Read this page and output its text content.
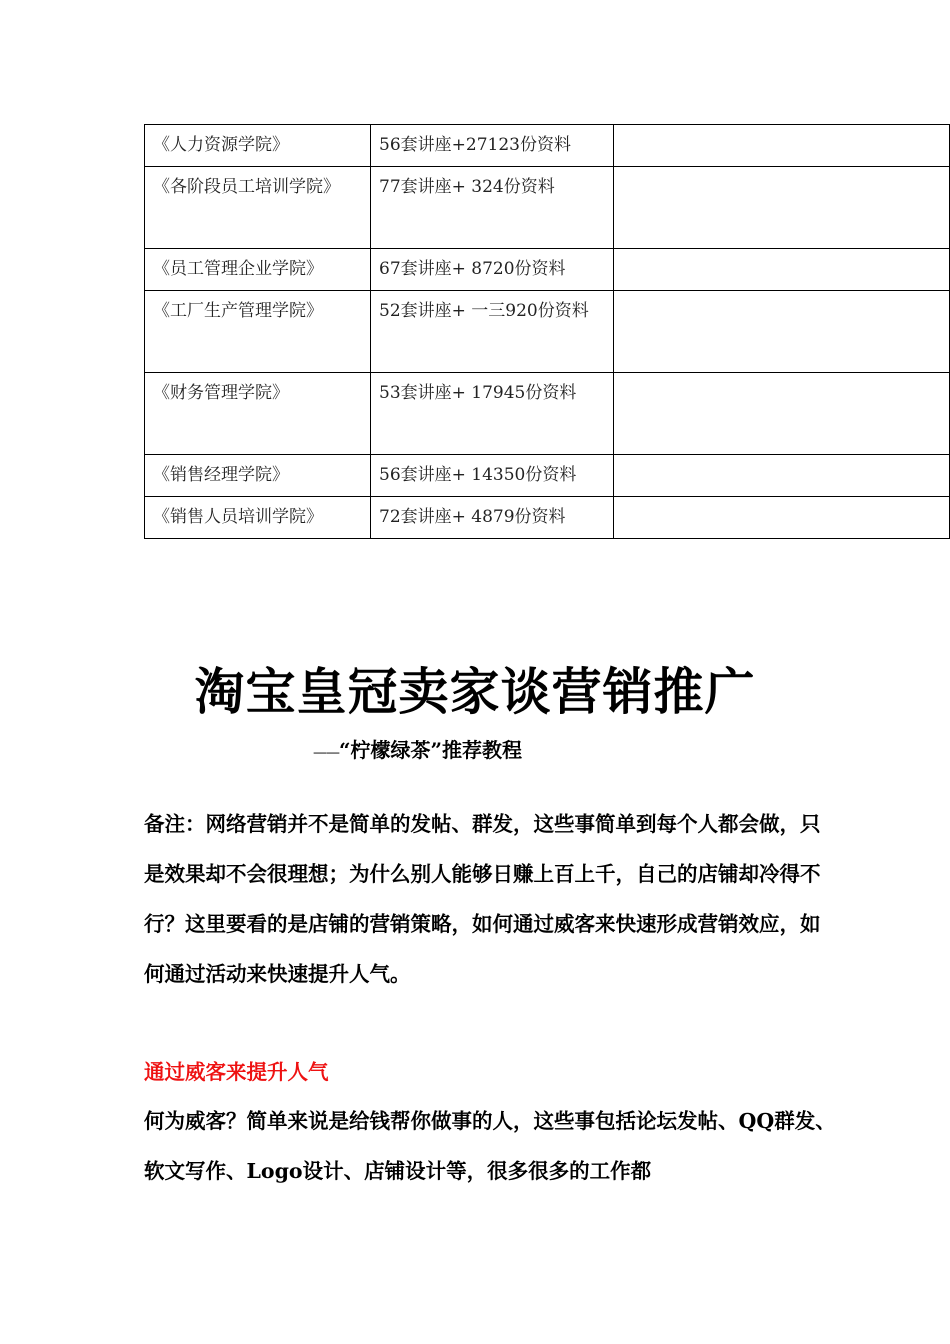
《人力资源学院》	56套讲座+27123份资料	

《各阶段员工培训学院》	77套讲座+ 324份资料	

《员工管理企业学院》	67套讲座+ 8720份资料	

《工厂生产管理学院》	52套讲座+ 一三920份资料	

《财务管理学院》	53套讲座+ 17945份资料	

《销售经理学院》	56套讲座+ 14350份资料	

《销售人员培训学院》	72套讲座+ 4879份资料	

淘宝皇冠卖家谈营销推广

——“柠檬绿茶”推荐教程

备注：网络营销并不是简单的发帖、群发，这些事简单到每个人都会做，只是效果却不会很理想；为什么别人能够日赚上百上千，自己的店铺却冷得不行？这里要看的是店铺的营销策略，如何通过威客来快速形成营销效应，如何通过活动来快速提升人气。

通过威客来提升人气

何为威客？简单来说是给钱帮你做事的人，这些事包括论坛发帖、QQ群发、软文写作、Logo设计、店铺设计等，很多很多的工作都
